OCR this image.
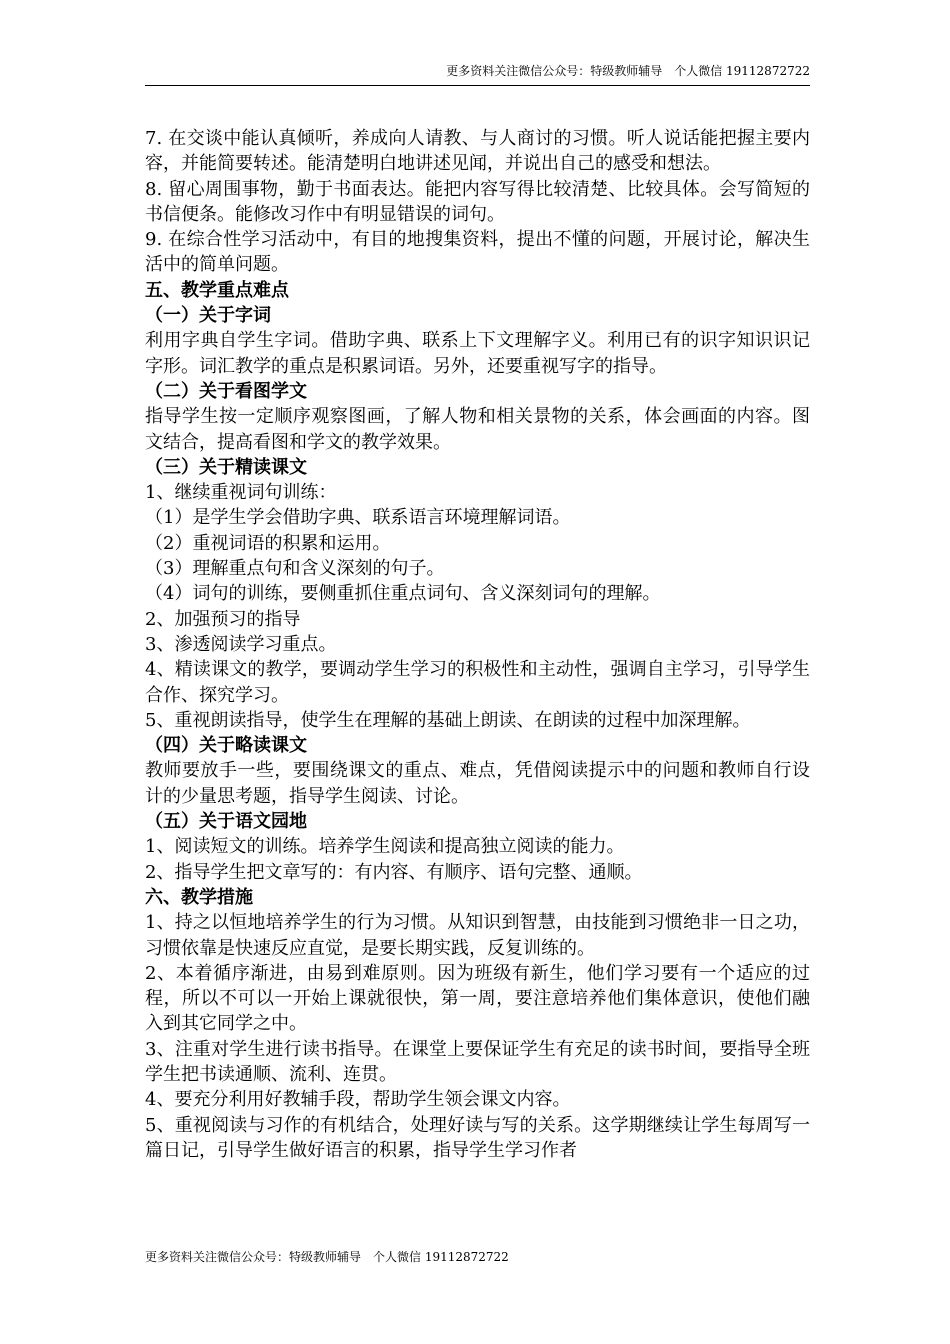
更多资料关注微信公众号：特级教师辅导　个人微信 19112872722

7. 在交谈中能认真倾听，养成向人请教、与人商讨的习惯。听人说话能把握主要内容，并能简要转述。能清楚明白地讲述见闻，并说出自己的感受和想法。

8. 留心周围事物，勤于书面表达。能把内容写得比较清楚、比较具体。会写简短的书信便条。能修改习作中有明显错误的词句。

9. 在综合性学习活动中，有目的地搜集资料，提出不懂的问题，开展讨论，解决生活中的简单问题。

五、教学重点难点

（一）关于字词

利用字典自学生字词。借助字典、联系上下文理解字义。利用已有的识字知识识记字形。词汇教学的重点是积累词语。另外，还要重视写字的指导。

（二）关于看图学文

指导学生按一定顺序观察图画，了解人物和相关景物的关系，体会画面的内容。图文结合，提高看图和学文的教学效果。

（三）关于精读课文

1、继续重视词句训练：

（1）是学生学会借助字典、联系语言环境理解词语。

（2）重视词语的积累和运用。

（3）理解重点句和含义深刻的句子。

（4）词句的训练，要侧重抓住重点词句、含义深刻词句的理解。

2、加强预习的指导

3、渗透阅读学习重点。

4、精读课文的教学，要调动学生学习的积极性和主动性，强调自主学习，引导学生合作、探究学习。

5、重视朗读指导，使学生在理解的基础上朗读、在朗读的过程中加深理解。

（四）关于略读课文

教师要放手一些，要围绕课文的重点、难点，凭借阅读提示中的问题和教师自行设计的少量思考题，指导学生阅读、讨论。

（五）关于语文园地

1、阅读短文的训练。培养学生阅读和提高独立阅读的能力。

2、指导学生把文章写的：有内容、有顺序、语句完整、通顺。

六、教学措施

1、持之以恒地培养学生的行为习惯。从知识到智慧，由技能到习惯绝非一日之功，习惯依靠是快速反应直觉，是要长期实践，反复训练的。

2、本着循序渐进，由易到难原则。因为班级有新生，他们学习要有一个适应的过程，所以不可以一开始上课就很快，第一周，要注意培养他们集体意识，使他们融入到其它同学之中。

3、注重对学生进行读书指导。在课堂上要保证学生有充足的读书时间，要指导全班学生把书读通顺、流利、连贯。

4、要充分利用好教辅手段，帮助学生领会课文内容。

5、重视阅读与习作的有机结合，处理好读与写的关系。这学期继续让学生每周写一篇日记，引导学生做好语言的积累，指导学生学习作者

更多资料关注微信公众号：特级教师辅导　个人微信 19112872722
